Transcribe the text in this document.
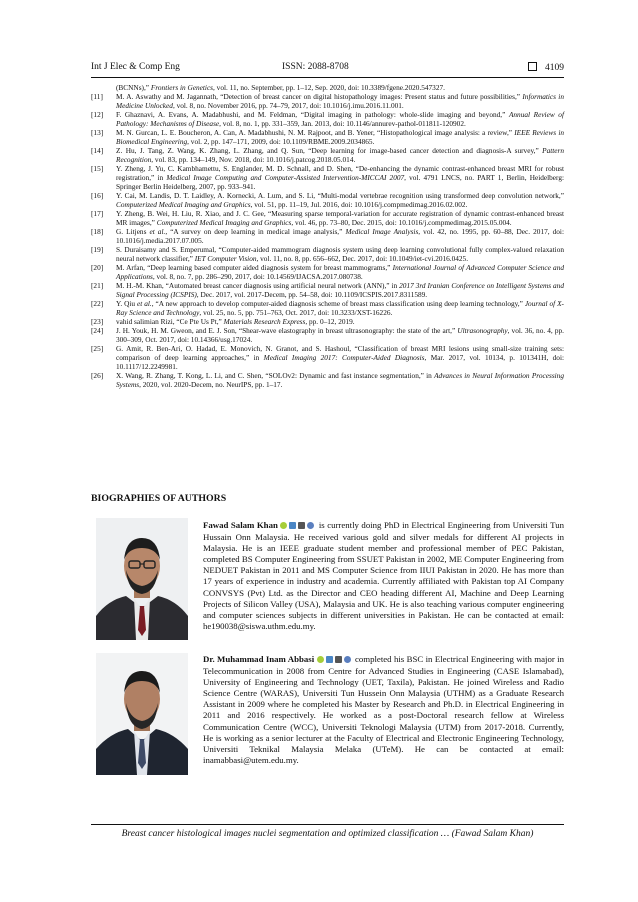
Int J Elec & Comp Eng	ISSN: 2088-8708	4109
(BCNNs),” Frontiers in Genetics, vol. 11, no. September, pp. 1–12, Sep. 2020, doi: 10.3389/fgene.2020.547327.
[11] M. A. Aswathy and M. Jagannath, “Detection of breast cancer on digital histopathology images: Present status and future possibilities,” Informatics in Medicine Unlocked, vol. 8, no. November 2016, pp. 74–79, 2017, doi: 10.1016/j.imu.2016.11.001.
[12] F. Ghaznavi, A. Evans, A. Madabhushi, and M. Feldman, “Digital imaging in pathology: whole-slide imaging and beyond,” Annual Review of Pathology: Mechanisms of Disease, vol. 8, no. 1, pp. 331–359, Jan. 2013, doi: 10.1146/annurev-pathol-011811-120902.
[13] M. N. Gurcan, L. E. Boucheron, A. Can, A. Madabhushi, N. M. Rajpoot, and B. Yener, “Histopathological image analysis: a review,” IEEE Reviews in Biomedical Engineering, vol. 2, pp. 147–171, 2009, doi: 10.1109/RBME.2009.2034865.
[14] Z. Hu, J. Tang, Z. Wang, K. Zhang, L. Zhang, and Q. Sun, “Deep learning for image-based cancer detection and diagnosis-A survey,” Pattern Recognition, vol. 83, pp. 134–149, Nov. 2018, doi: 10.1016/j.patcog.2018.05.014.
[15] Y. Zheng, J. Yu, C. Kambhamettu, S. Englander, M. D. Schnall, and D. Shen, “De-enhancing the dynamic contrast-enhanced breast MRI for robust registration,” in Medical Image Computing and Computer-Assisted Intervention-MICCAI 2007, vol. 4791 LNCS, no. PART 1, Berlin, Heidelberg: Springer Berlin Heidelberg, 2007, pp. 933–941.
[16] Y. Cai, M. Landis, D. T. Laidley, A. Kornecki, A. Lum, and S. Li, “Multi-modal vertebrae recognition using transformed deep convolution network,” Computerized Medical Imaging and Graphics, vol. 51, pp. 11–19, Jul. 2016, doi: 10.1016/j.compmedimag.2016.02.002.
[17] Y. Zheng, B. Wei, H. Liu, R. Xiao, and J. C. Gee, “Measuring sparse temporal-variation for accurate registration of dynamic contrast-enhanced breast MR images,” Computerized Medical Imaging and Graphics, vol. 46, pp. 73–80, Dec. 2015, doi: 10.1016/j.compmedimag.2015.05.004.
[18] G. Litjens et al., “A survey on deep learning in medical image analysis,” Medical Image Analysis, vol. 42, no. 1995, pp. 60–88, Dec. 2017, doi: 10.1016/j.media.2017.07.005.
[19] S. Duraisamy and S. Emperumal, “Computer-aided mammogram diagnosis system using deep learning convolutional fully complex-valued relaxation neural network classifier,” IET Computer Vision, vol. 11, no. 8, pp. 656–662, Dec. 2017, doi: 10.1049/iet-cvi.2016.0425.
[20] M. Arfan, “Deep learning based computer aided diagnosis system for breast mammograms,” International Journal of Advanced Computer Science and Applications, vol. 8, no. 7, pp. 286–290, 2017, doi: 10.14569/IJACSA.2017.080738.
[21] M. H.-M. Khan, “Automated breast cancer diagnosis using artificial neural network (ANN),” in 2017 3rd Iranian Conference on Intelligent Systems and Signal Processing (ICSPIS), Dec. 2017, vol. 2017-Decem, pp. 54–58, doi: 10.1109/ICSPIS.2017.8311589.
[22] Y. Qiu et al., “A new approach to develop computer-aided diagnosis scheme of breast mass classification using deep learning technology,” Journal of X-Ray Science and Technology, vol. 25, no. 5, pp. 751–763, Oct. 2017, doi: 10.3233/XST-16226.
[23] vahid salimian Rizi, “Ce Pte Us Pt,” Materials Research Express, pp. 0–12, 2019.
[24] J. H. Youk, H. M. Gweon, and E. J. Son, “Shear-wave elastography in breast ultrasonography: the state of the art,” Ultrasonography, vol. 36, no. 4, pp. 300–309, Oct. 2017, doi: 10.14366/usg.17024.
[25] G. Amit, R. Ben-Ari, O. Hadad, E. Monovich, N. Granot, and S. Hashoul, “Classification of breast MRI lesions using small-size training sets: comparison of deep learning approaches,” in Medical Imaging 2017: Computer-Aided Diagnosis, Mar. 2017, vol. 10134, p. 101341H, doi: 10.1117/12.2249981.
[26] X. Wang, R. Zhang, T. Kong, L. Li, and C. Shen, “SOLOv2: Dynamic and fast instance segmentation,” in Advances in Neural Information Processing Systems, 2020, vol. 2020-Decem, no. NeurIPS, pp. 1–17.
BIOGRAPHIES OF AUTHORS
Fawad Salam Khan	is currently doing PhD in Electrical Engineering from Universiti Tun Hussain Onn Malaysia. He received various gold and silver medals for different AI projects in Malaysia. He is an IEEE graduate student member and professional member of PEC Pakistan, completed BS Computer Engineering from SSUET Pakistan in 2002, ME Computer Engineering from NEDUET Pakistan in 2011 and MS Computer Science from IIUI Pakistan in 2020. He has more than 17 years of experience in industry and academia. Currently affiliated with Pakistan top AI Company CONVSYS (Pvt) Ltd. as the Director and CEO heading different AI, Machine and Deep Learning Projects of Silicon Valley (USA), Malaysia and UK. He is also teaching various computer engineering and computer sciences subjects in different universities in Pakistan. He can be contacted at email: he190038@siswa.uthm.edu.my.
Dr. Muhammad Inam Abbasi	completed his BSC in Electrical Engineering with major in Telecommunication in 2008 from Centre for Advanced Studies in Engineering (CASE Islamabad), University of Engineering and Technology (UET, Taxila), Pakistan. He joined Wireless and Radio Science Centre (WARAS), Universiti Tun Hussein Onn Malaysia (UTHM) as a Graduate Research Assistant in 2009 where he completed his Master by Research and Ph.D. in Electrical Engineering in 2011 and 2016 respectively. He worked as a post-Doctoral research fellow at Wireless Communication Centre (WCC), Universiti Teknologi Malaysia (UTM) from 2017-2018. Currently, He is working as a senior lecturer at the Faculty of Electrical and Electronic Engineering Technology, Universiti Teknikal Malaysia Melaka (UTeM). He can be contacted at email: inamabbasi@utem.edu.my.
Breast cancer histological images nuclei segmentation and optimized classification … (Fawad Salam Khan)
